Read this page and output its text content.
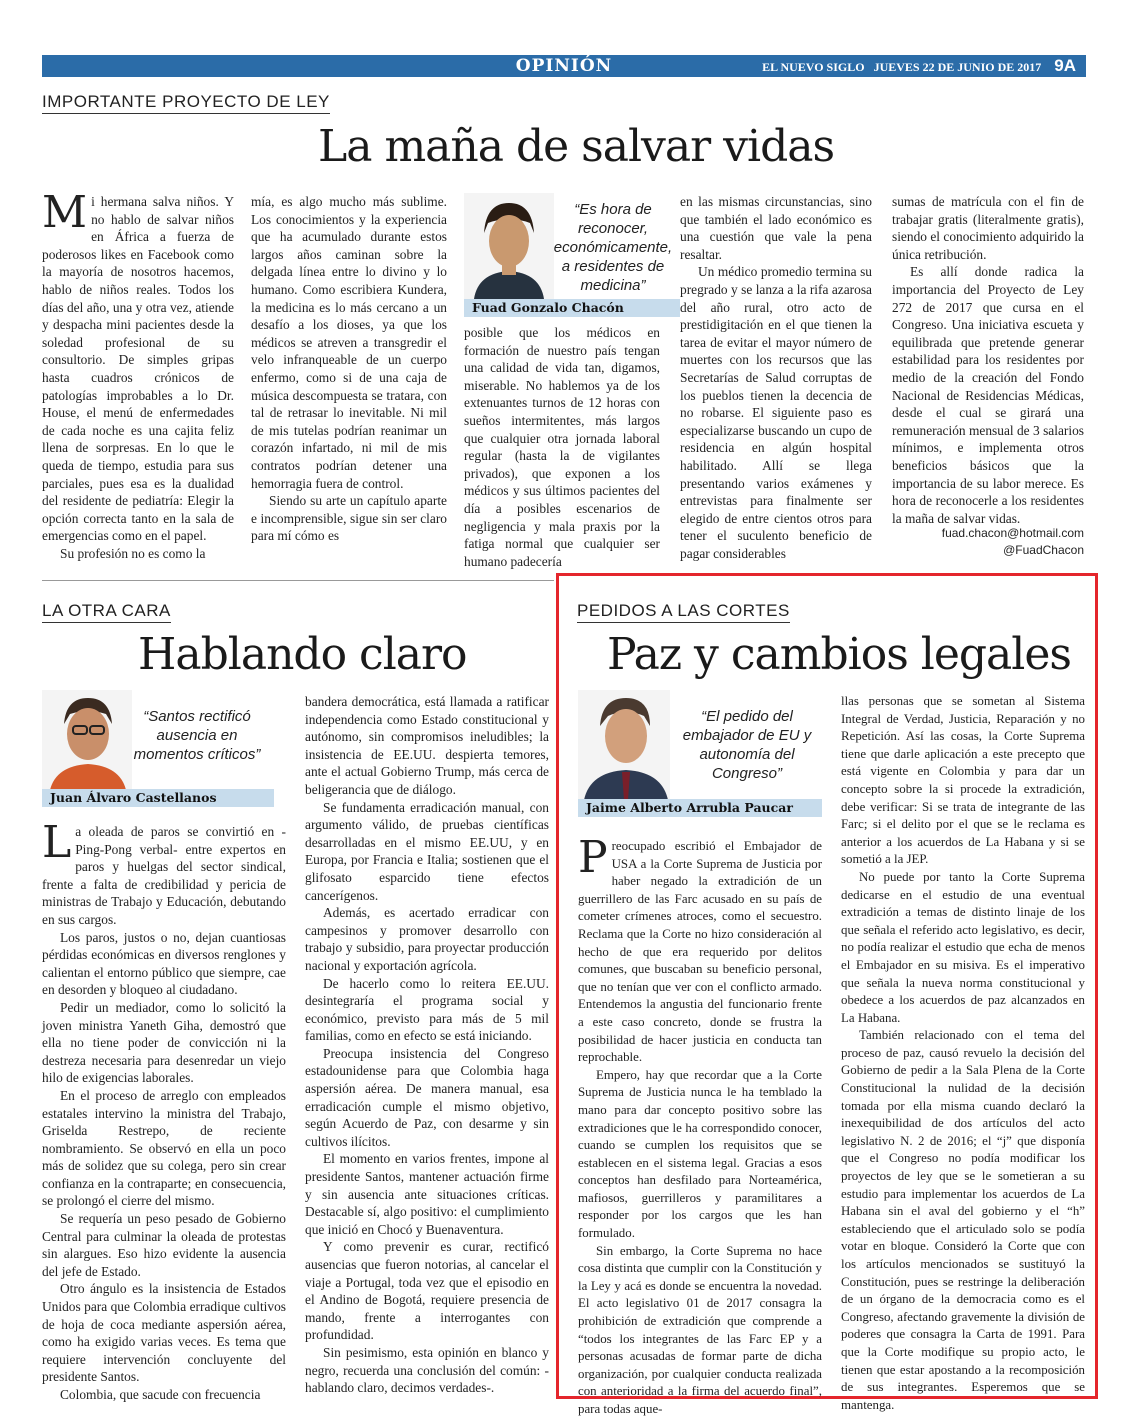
OPINIÓN	EL NUEVO SIGLO JUEVES 22 DE JUNIO DE 2017 9A
IMPORTANTE PROYECTO DE LEY
La maña de salvar vidas

Mi hermana salva niños. Y no hablo de salvar niños en África a fuerza de poderosos likes en Facebook como la mayoría de nosotros hacemos, hablo de niños reales. Todos los días del año, una y otra vez, atiende y despacha mini pacientes desde la soledad profesional de su consultorio. De simples gripas hasta cuadros crónicos de patologías improbables a lo Dr. House, el menú de enfermedades de cada noche es una cajita feliz llena de sorpresas. En lo que le queda de tiempo, estudia para sus parciales, pues esa es la dualidad del residente de pediatría: Elegir la opción correcta tanto en la sala de emergencias como en el papel.

Su profesión no es como la

mía, es algo mucho más sublime. Los conocimientos y la experiencia que ha acumulado durante estos largos años caminan sobre la delgada línea entre lo divino y lo humano. Como escribiera Kundera, la medicina es lo más cercano a un desafío a los dioses, ya que los médicos se atreven a transgredir el velo infranqueable de un cuerpo enfermo, como si de una caja de música descompuesta se tratara, con tal de retrasar lo inevitable. Ni mil de mis tutelas podrían reanimar un corazón infartado, ni mil de mis contratos podrían detener una hemorragia fuera de control.

Siendo su arte un capítulo aparte e incomprensible, sigue sin ser claro para mí cómo es

“Es hora de reconocer, económicamente, a residentes de medicina”
Fuad Gonzalo Chacón

posible que los médicos en formación de nuestro país tengan una calidad de vida tan, digamos, miserable. No hablemos ya de los extenuantes turnos de 12 horas con sueños intermitentes, más largos que cualquier otra jornada laboral regular (hasta la de vigilantes privados), que exponen a los médicos y sus últimos pacientes del día a posibles escenarios de negligencia y mala praxis por la fatiga normal que cualquier ser humano padecería

en las mismas circunstancias, sino que también el lado económico es una cuestión que vale la pena resaltar.

Un médico promedio termina su pregrado y se lanza a la rifa azarosa del año rural, otro acto de prestidigitación en el que tienen la tarea de evitar el mayor número de muertes con los recursos que las Secretarías de Salud corruptas de los pueblos tienen la decencia de no robarse. El siguiente paso es especializarse buscando un cupo de residencia en algún hospital habilitado. Allí se llega presentando varios exámenes y entrevistas para finalmente ser elegido de entre cientos otros para tener el suculento beneficio de pagar considerables

sumas de matrícula con el fin de trabajar gratis (literalmente gratis), siendo el conocimiento adquirido la única retribución.

Es allí donde radica la importancia del Proyecto de Ley 272 de 2017 que cursa en el Congreso. Una iniciativa escueta y equilibrada que pretende generar estabilidad para los residentes por medio de la creación del Fondo Nacional de Residencias Médicas, desde el cual se girará una remuneración mensual de 3 salarios mínimos, e implementa otros beneficios básicos que la importancia de su labor merece. Es hora de reconocerle a los residentes la maña de salvar vidas.

fuad.chacon@hotmail.com
@FuadChacon
LA OTRA CARA
Hablando claro
“Santos rectificó ausencia en momentos críticos”
Juan Álvaro Castellanos

La oleada de paros se convirtió en - Ping-Pong verbal- entre expertos en paros y huelgas del sector sindical, frente a falta de credibilidad y pericia de ministras de Trabajo y Educación, debutando en sus cargos.

Los paros, justos o no, dejan cuantiosas pérdidas económicas en diversos renglones y calientan el entorno público que siempre, cae en desorden y bloqueo al ciudadano.

Pedir un mediador, como lo solicitó la joven ministra Yaneth Giha, demostró que ella no tiene poder de convicción ni la destreza necesaria para desenredar un viejo hilo de exigencias laborales.

En el proceso de arreglo con empleados estatales intervino la ministra del Trabajo, Griselda Restrepo, de reciente nombramiento. Se observó en ella un poco más de solidez que su colega, pero sin crear confianza en la contraparte; en consecuencia, se prolongó el cierre del mismo.

Se requería un peso pesado de Gobierno Central para culminar la oleada de protestas sin alargues. Eso hizo evidente la ausencia del jefe de Estado.

Otro ángulo es la insistencia de Estados Unidos para que Colombia erradique cultivos de hoja de coca mediante aspersión aérea, como ha exigido varias veces. Es tema que requiere intervención concluyente del presidente Santos.

Colombia, que sacude con frecuencia

bandera democrática, está llamada a ratificar independencia como Estado constitucional y autónomo, sin compromisos ineludibles; la insistencia de EE.UU. despierta temores, ante el actual Gobierno Trump, más cerca de beligerancia que de diálogo.

Se fundamenta erradicación manual, con argumento válido, de pruebas científicas desarrolladas en el mismo EE.UU, y en Europa, por Francia e Italia; sostienen que el glifosato esparcido tiene efectos cancerígenos.

Además, es acertado erradicar con campesinos y promover desarrollo con trabajo y subsidio, para proyectar producción nacional y exportación agrícola.

De hacerlo como lo reitera EE.UU. desintegraría el programa social y económico, previsto para más de 5 mil familias, como en efecto se está iniciando.

Preocupa insistencia del Congreso estadounidense para que Colombia haga aspersión aérea. De manera manual, esa erradicación cumple el mismo objetivo, según Acuerdo de Paz, con desarme y sin cultivos ilícitos.

El momento en varios frentes, impone al presidente Santos, mantener actuación firme y sin ausencia ante situaciones críticas. Destacable sí, algo positivo: el cumplimiento que inició en Chocó y Buenaventura.

Y como prevenir es curar, rectificó ausencias que fueron notorias, al cancelar el viaje a Portugal, toda vez que el episodio en el Andino de Bogotá, requiere presencia de mando, frente a interrogantes con profundidad.

Sin pesimismo, esta opinión en blanco y negro, recuerda una conclusión del común: - hablando claro, decimos verdades-.

PEDIDOS A LAS CORTES
Paz y cambios legales
“El pedido del embajador de EU y autonomía del Congreso”
Jaime Alberto Arrubla Paucar

Preocupado escribió el Embajador de USA a la Corte Suprema de Justicia por haber negado la extradición de un guerrillero de las Farc acusado en su país de cometer crímenes atroces, como el secuestro. Reclama que la Corte no hizo consideración al hecho de que era requerido por delitos comunes, que buscaban su beneficio personal, que no tenían que ver con el conflicto armado. Entendemos la angustia del funcionario frente a este caso concreto, donde se frustra la posibilidad de hacer justicia en conducta tan reprochable.

Empero, hay que recordar que a la Corte Suprema de Justicia nunca le ha temblado la mano para dar concepto positivo sobre las extradiciones que le ha correspondido conocer, cuando se cumplen los requisitos que se establecen en el sistema legal. Gracias a esos conceptos han desfilado para Norteamérica, mafiosos, guerrilleros y paramilitares a responder por los cargos que les han formulado.

Sin embargo, la Corte Suprema no hace cosa distinta que cumplir con la Constitución y la Ley y acá es donde se encuentra la novedad. El acto legislativo 01 de 2017 consagra la prohibición de extradición que comprende a “todos los integrantes de las Farc EP y a personas acusadas de formar parte de dicha organización, por cualquier conducta realizada con anterioridad a la firma del acuerdo final”, para todas aque-

llas personas que se sometan al Sistema Integral de Verdad, Justicia, Reparación y no Repetición. Así las cosas, la Corte Suprema tiene que darle aplicación a este precepto que está vigente en Colombia y para dar un concepto sobre la si procede la extradición, debe verificar: Si se trata de integrante de las Farc; si el delito por el que se le reclama es anterior a los acuerdos de La Habana y si se sometió a la JEP.

No puede por tanto la Corte Suprema dedicarse en el estudio de una eventual extradición a temas de distinto linaje de los que señala el referido acto legislativo, es decir, no podía realizar el estudio que echa de menos el Embajador en su misiva. Es el imperativo que señala la nueva norma constitucional y obedece a los acuerdos de paz alcanzados en La Habana.

También relacionado con el tema del proceso de paz, causó revuelo la decisión del Gobierno de pedir a la Sala Plena de la Corte Constitucional la nulidad de la decisión tomada por ella misma cuando declaró la inexequibilidad de dos artículos del acto legislativo N. 2 de 2016; el “j” que disponía que el Congreso no podía modificar los proyectos de ley que se le sometieran a su estudio para implementar los acuerdos de La Habana sin el aval del gobierno y el “h” estableciendo que el articulado solo se podía votar en bloque. Consideró la Corte que con los artículos mencionados se sustituyó la Constitución, pues se restringe la deliberación de un órgano de la democracia como es el Congreso, afectando gravemente la división de poderes que consagra la Carta de 1991. Para que la Corte modifique su propio acto, le tienen que estar apostando a la recomposición de sus integrantes. Esperemos que se mantenga.
